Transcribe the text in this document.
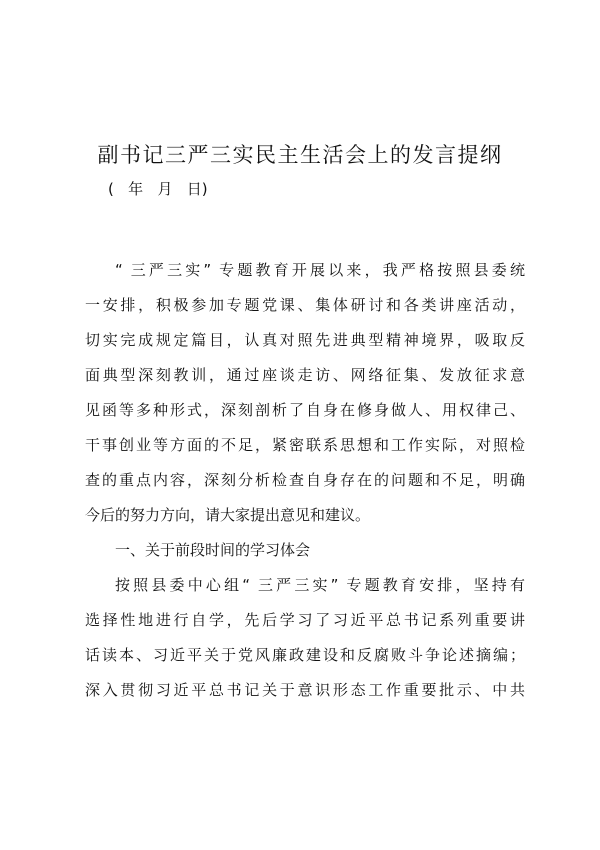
副书记三严三实民主生活会上的发言提纲
(   年   月   日)

“ 三严三实” 专题教育开展以来，我严格按照县委统

一安排，积极参加专题党课、集体研讨和各类讲座活动，

切实完成规定篇目，认真对照先进典型精神境界，吸取反

面典型深刻教训，通过座谈走访、网络征集、发放征求意

见函等多种形式，深刻剖析了自身在修身做人、用权律己、

干事创业等方面的不足，紧密联系思想和工作实际，对照检

查的重点内容，深刻分析检查自身存在的问题和不足，明确

今后的努力方向，请大家提出意见和建议。

一、关于前段时间的学习体会

按照县委中心组“ 三严三实” 专题教育安排，坚持有

选择性地进行自学，先后学习了习近平总书记系列重要讲

话读本、习近平关于党风廉政建设和反腐败斗争论述摘编；

深入贯彻习近平总书记关于意识形态工作重要批示、中共
